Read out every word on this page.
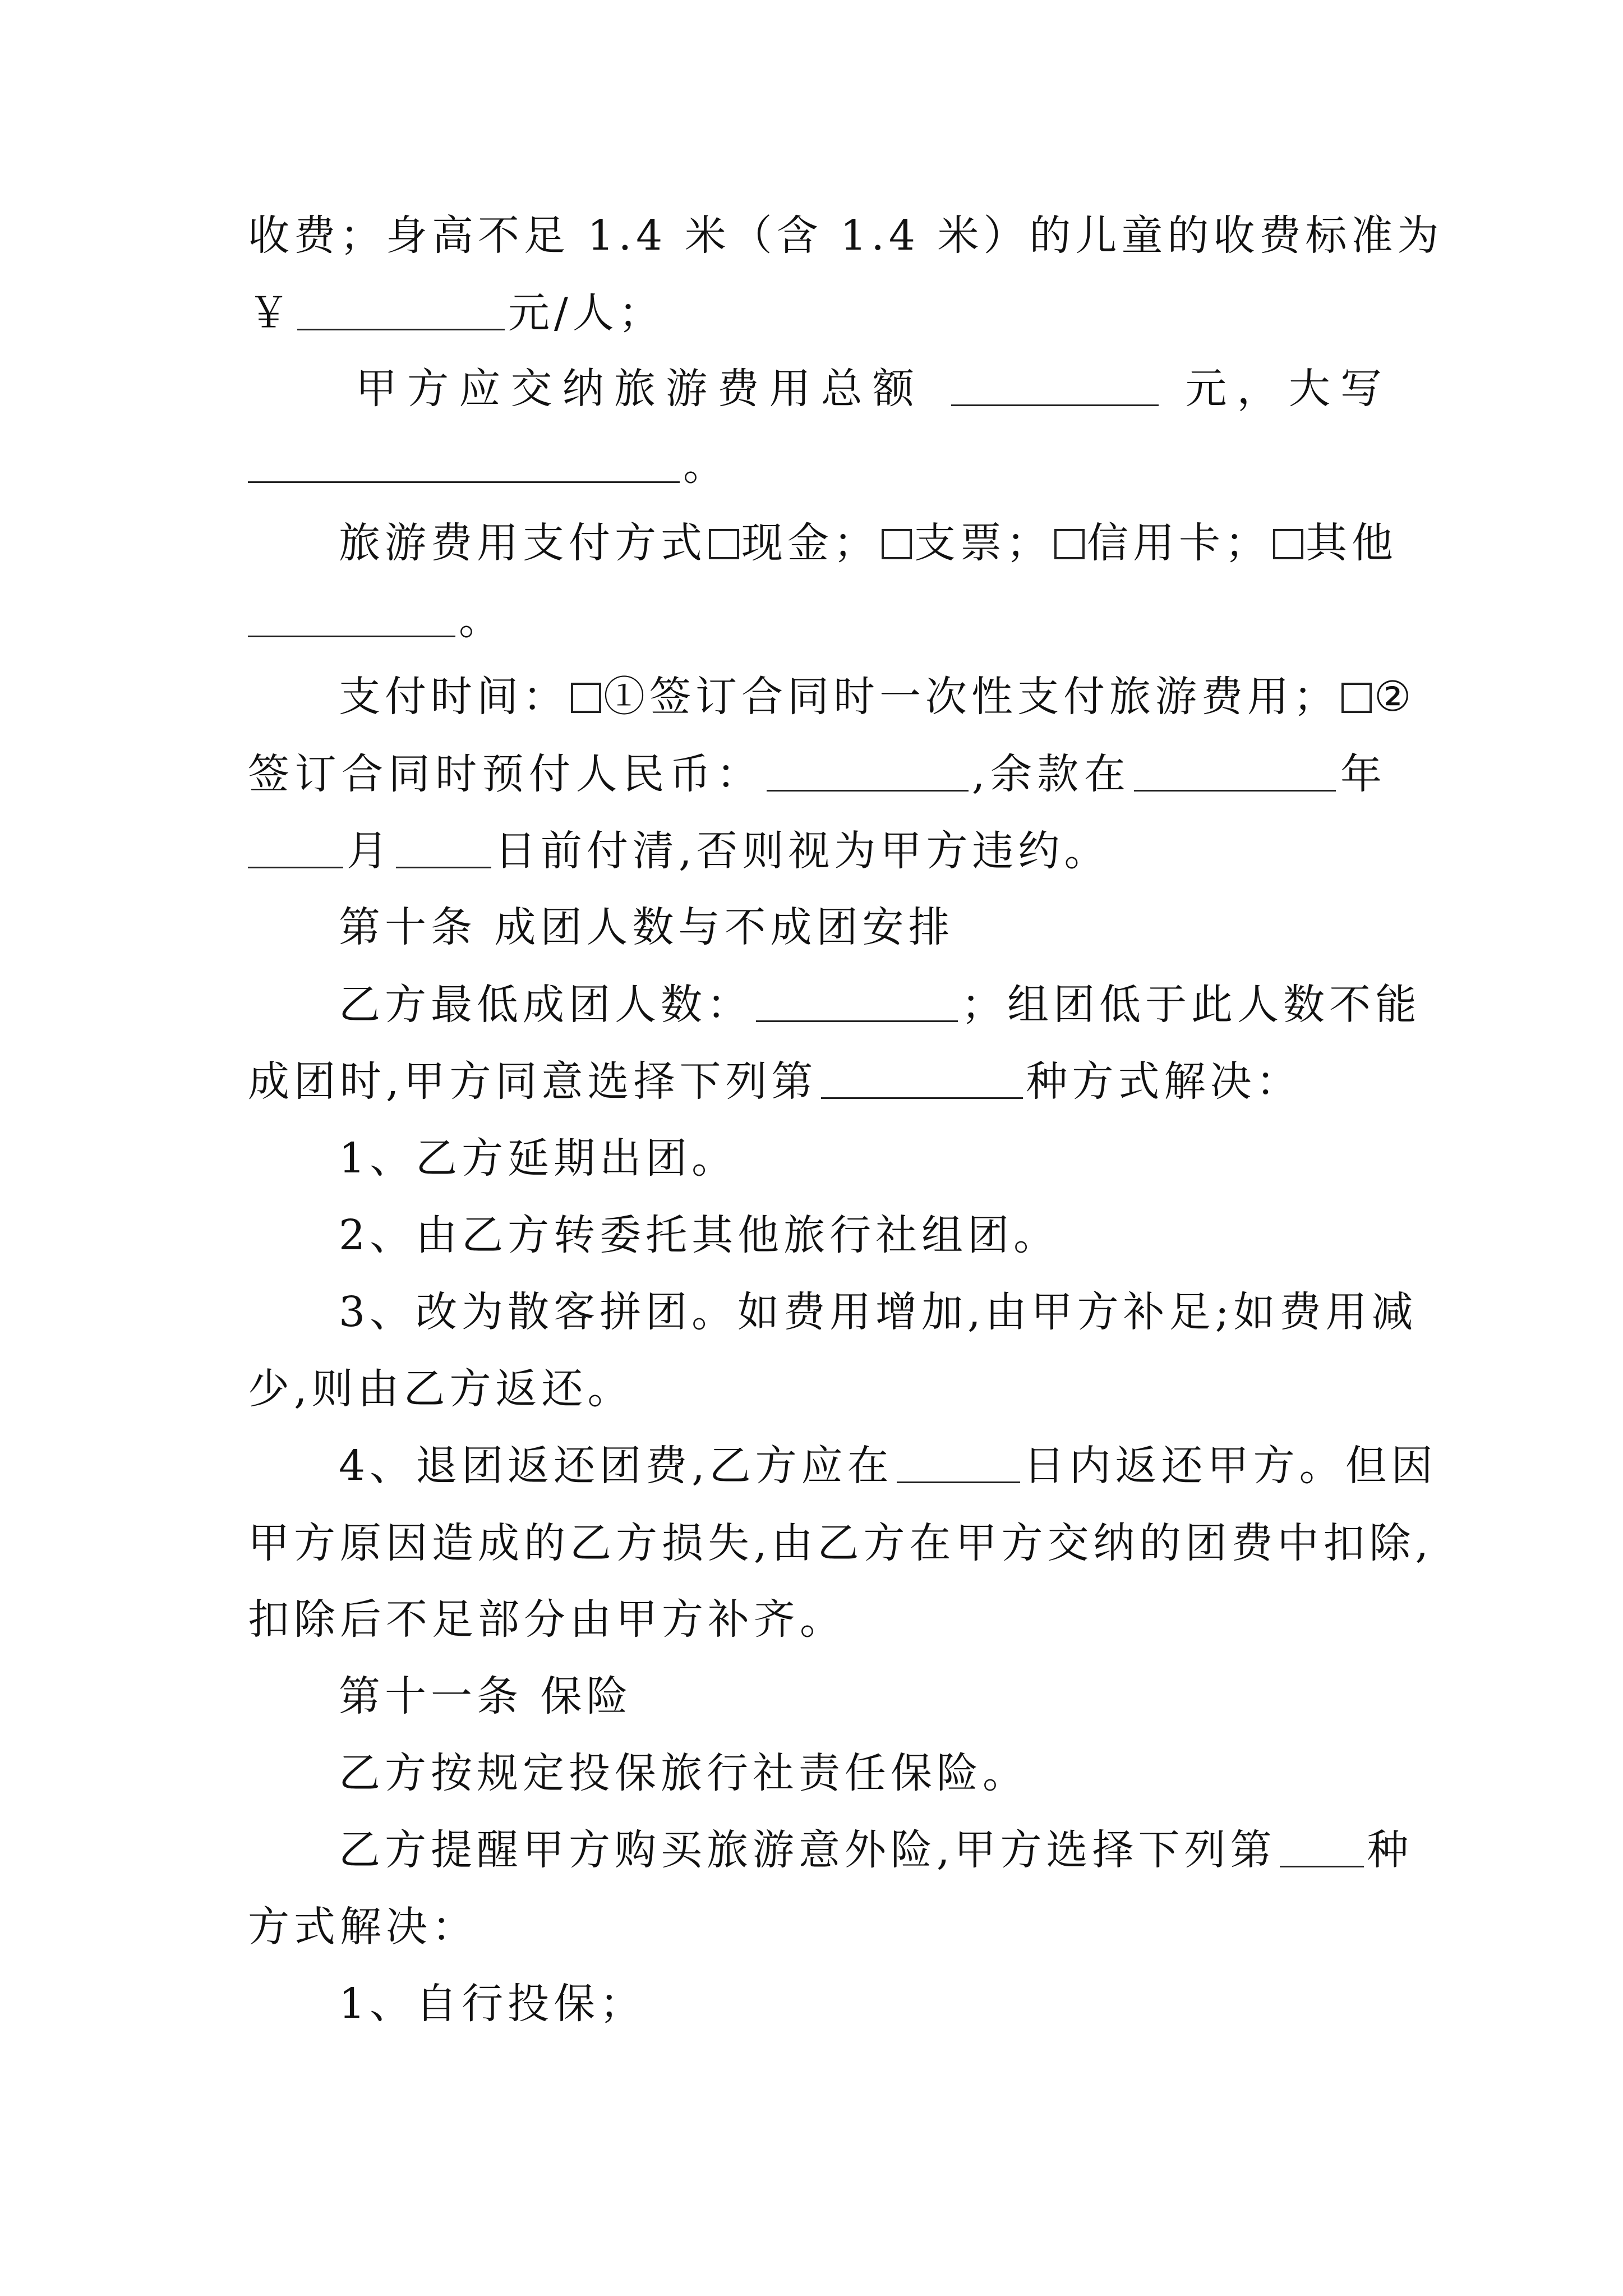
收费；身高不足 1.4 米（含 1.4 米）的儿童的收费标准为
￥	元/人；
甲方应交纳旅游费用总额	元，大写
。
旅游费用支付方式 现金； 支票； 信用卡； 其他
。
支付时间： ①签订合同时一次性支付旅游费用； ②
签订合同时预付人民币：	,余款在	年
月 日前付清,否则视为甲方违约。
第十条 成团人数与不成团安排
乙方最低成团人数：	；组团低于此人数不能
成团时,甲方同意选择下列第	种方式解决：
1、乙方延期出团。
2、由乙方转委托其他旅行社组团。
3、改为散客拼团。如费用增加,由甲方补足;如费用减
少,则由乙方返还。
4、退团返还团费,乙方应在	日内返还甲方。但因
甲方原因造成的乙方损失,由乙方在甲方交纳的团费中扣除,
扣除后不足部分由甲方补齐。
第十一条 保险
乙方按规定投保旅行社责任保险。
乙方提醒甲方购买旅游意外险,甲方选择下列第 种
方式解决：
1、自行投保；
